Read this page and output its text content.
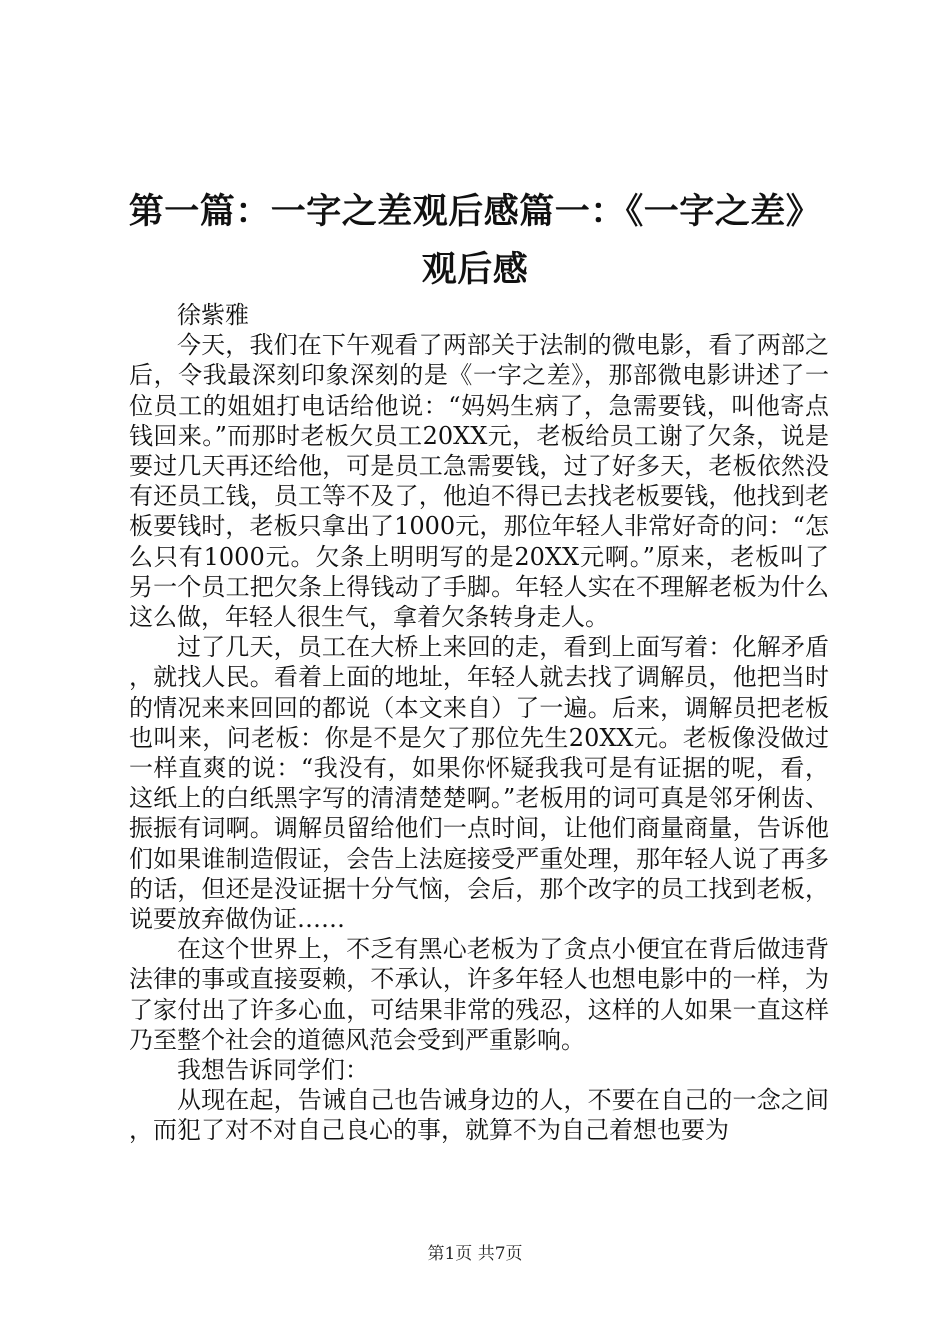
第一篇：一字之差观后感篇一：《一字之差》
观后感

徐紫雅

今天，我们在下午观看了两部关于法制的微电影，看了两部之后，令我最深刻印象深刻的是《一字之差》，那部微电影讲述了一位员工的姐姐打电话给他说：“妈妈生病了，急需要钱，叫他寄点钱回来。”而那时老板欠员工20XX元，老板给员工谢了欠条，说是要过几天再还给他，可是员工急需要钱，过了好多天，老板依然没有还员工钱，员工等不及了，他迫不得已去找老板要钱，他找到老板要钱时，老板只拿出了1000元，那位年轻人非常好奇的问：“怎么只有1000元。欠条上明明写的是20XX元啊。”原来，老板叫了另一个员工把欠条上得钱动了手脚。年轻人实在不理解老板为什么这么做，年轻人很生气，拿着欠条转身走人。

过了几天，员工在大桥上来回的走，看到上面写着：化解矛盾，就找人民。看着上面的地址，年轻人就去找了调解员，他把当时的情况来来回回的都说（本文来自）了一遍。后来，调解员把老板也叫来，问老板：你是不是欠了那位先生20XX元。老板像没做过一样直爽的说：“我没有，如果你怀疑我我可是有证据的呢，看，这纸上的白纸黑字写的清清楚楚啊。”老板用的词可真是邻牙俐齿、振振有词啊。调解员留给他们一点时间，让他们商量商量，告诉他们如果谁制造假证，会告上法庭接受严重处理，那年轻人说了再多的话，但还是没证据十分气恼，会后，那个改字的员工找到老板，说要放弃做伪证……

在这个世界上，不乏有黑心老板为了贪点小便宜在背后做违背法律的事或直接耍赖，不承认，许多年轻人也想电影中的一样，为了家付出了许多心血，可结果非常的残忍，这样的人如果一直这样乃至整个社会的道德风范会受到严重影响。

我想告诉同学们：

从现在起，告诫自己也告诫身边的人，不要在自己的一念之间，而犯了对不对自己良心的事，就算不为自己着想也要为

第1页 共7页
